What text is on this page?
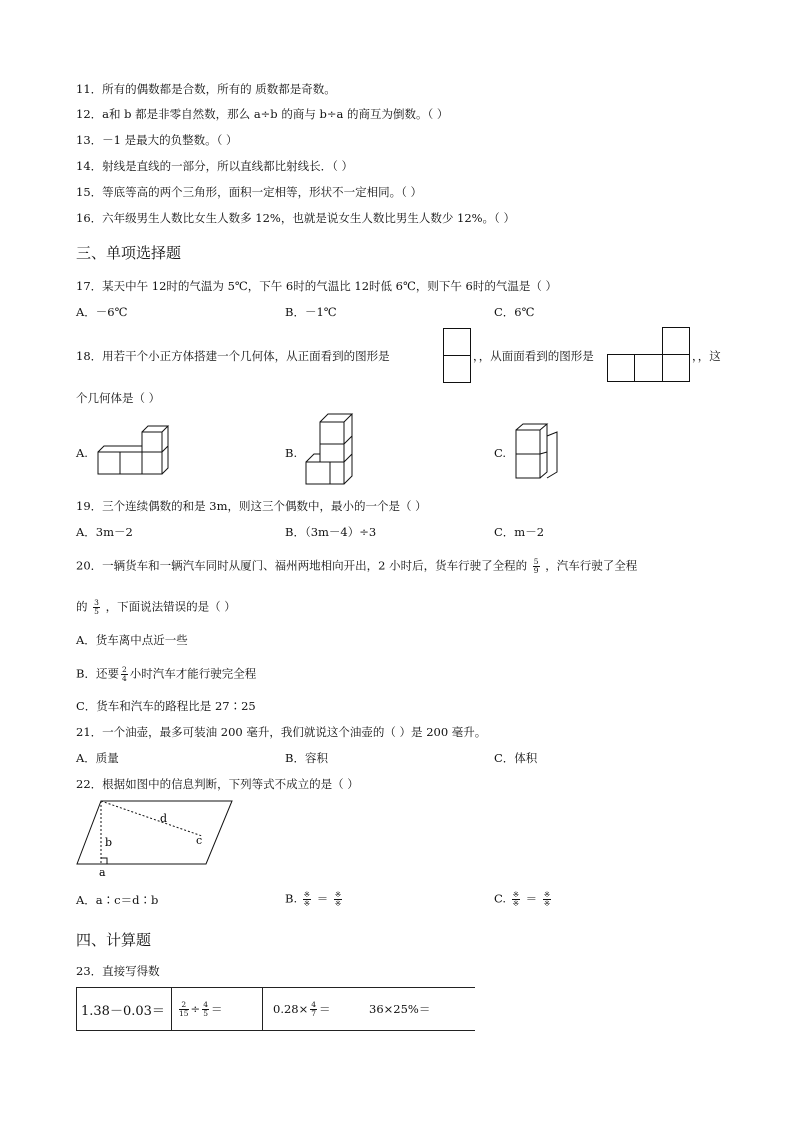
11．所有的偶数都是合数，所有的 质数都是奇数。
12．a和 b 都是非零自然数，那么 a÷b 的商与 b÷a 的商互为倒数。（ ）
13．－1 是最大的负整数。（ ）
14．射线是直线的一部分，所以直线都比射线长．（ ）
15．等底等高的两个三角形，面积一定相等，形状不一定相同。（ ）
16．六年级男生人数比女生人数多 12%，也就是说女生人数比男生人数少 12%。（ ）
三、单项选择题
17．某天中午 12时的气温为 5℃，下午 6时的气温比 12时低 6℃，则下午 6时的气温是（ ）
A．－6℃	B．－1℃	C．6℃
18．用若干个小正方体搭建一个几何体，从正面看到的图形是	，，从面面看到的图形是	，，这
个几何体是（ ）
A.	B.	C.
19．三个连续偶数的和是 3m，则这三个偶数中，最小的一个是（ ）
A．3m－2	B．（3m－4）÷3	C．m－2
20．一辆货车和一辆汽车同时从厦门、福州两地相向开出，2 小时后，货车行驶了全程的 $\frac{5}{9}$ ，汽车行驶了全程
的 $\frac{3}{5}$ ，下面说法错误的是（ ）
A．货车离中点近一些
B．还要 $\frac{2}{4}$ 小时汽车才能行驶完全程
C．货车和汽车的路程比是 27∶25
21．一个油壶，最多可装油 200 毫升，我们就说这个油壶的（ ）是 200 毫升。
A．质量	B．容积	C．体积
22．根据如图中的信息判断，下列等式不成立的是（ ）
d
b	c
a
A．a∶c＝d∶b	B. $\frac{※}{※} = \frac{※}{※}$	C. $\frac{※}{※} = \frac{※}{※}$
四、计算题
23．直接写得数
$1.38-0.03= \frac{2}{15} \div \frac{4}{5}$ ＝	$0.28\times \frac{4}{7}$ ＝	36×25%＝
